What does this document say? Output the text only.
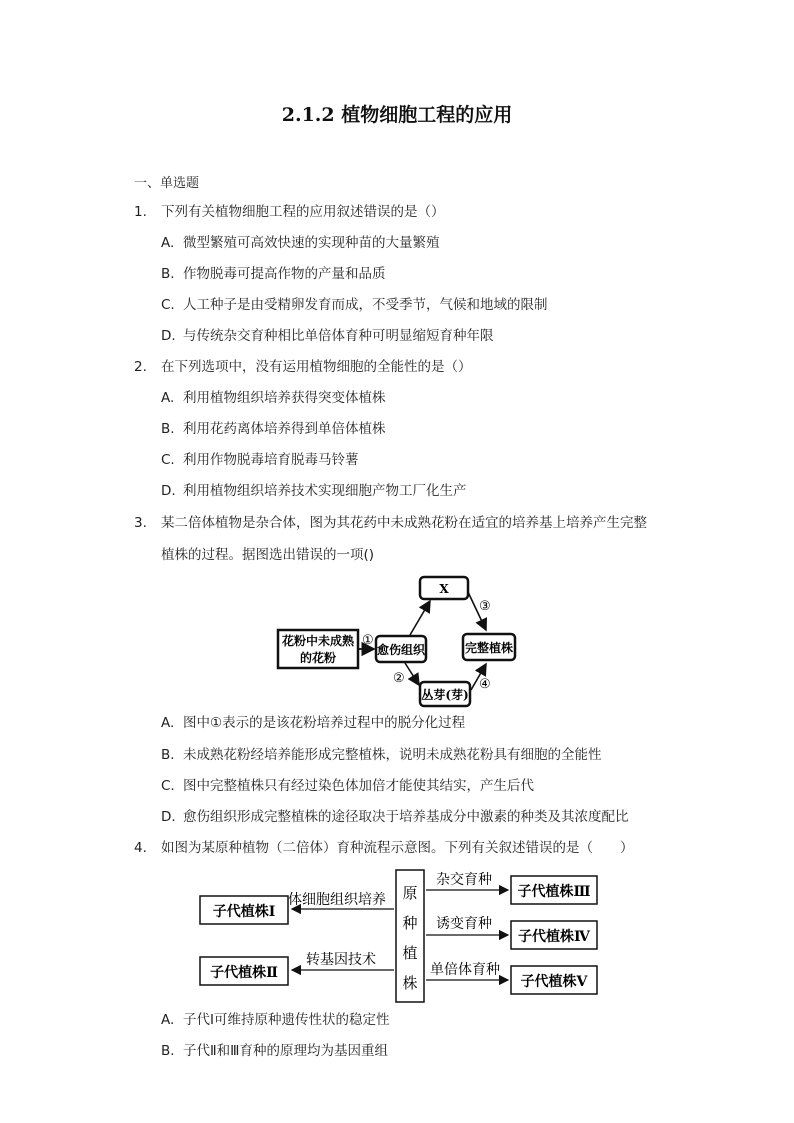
2.1.2 植物细胞工程的应用
一、单选题
1. 下列有关植物细胞工程的应用叙述错误的是（）
A. 微型繁殖可高效快速的实现种苗的大量繁殖
B. 作物脱毒可提高作物的产量和品质
C. 人工种子是由受精卵发育而成，不受季节，气候和地域的限制
D. 与传统杂交育种相比单倍体育种可明显缩短育种年限
2. 在下列选项中，没有运用植物细胞的全能性的是（）
A. 利用植物组织培养获得突变体植株
B. 利用花药离体培养得到单倍体植株
C. 利用作物脱毒培育脱毒马铃薯
D. 利用植物组织培养技术实现细胞产物工厂化生产
3. 某二倍体植物是杂合体，图为其花药中未成熟花粉在适宜的培养基上培养产生完整
植株的过程。据图选出错误的一项()
花粉中未成熟
的花粉
①
愈伤组织
X
③
完整植株
②
丛芽(芽)
④
A. 图中①表示的是该花粉培养过程中的脱分化过程
B. 未成熟花粉经培养能形成完整植株，说明未成熟花粉具有细胞的全能性
C. 图中完整植株只有经过染色体加倍才能使其结实，产生后代
D. 愈伤组织形成完整植株的途径取决于培养基成分中激素的种类及其浓度配比
4. 如图为某原种植物（二倍体）育种流程示意图。下列有关叙述错误的是（　　）
原
种
植
株
体细胞组织培养
子代植株Ⅰ
转基因技术
子代植株Ⅱ
杂交育种
子代植株Ⅲ
诱变育种
子代植株Ⅳ
单倍体育种
子代植株Ⅴ
A. 子代Ⅰ可维持原种遗传性状的稳定性
B. 子代Ⅱ和Ⅲ育种的原理均为基因重组
